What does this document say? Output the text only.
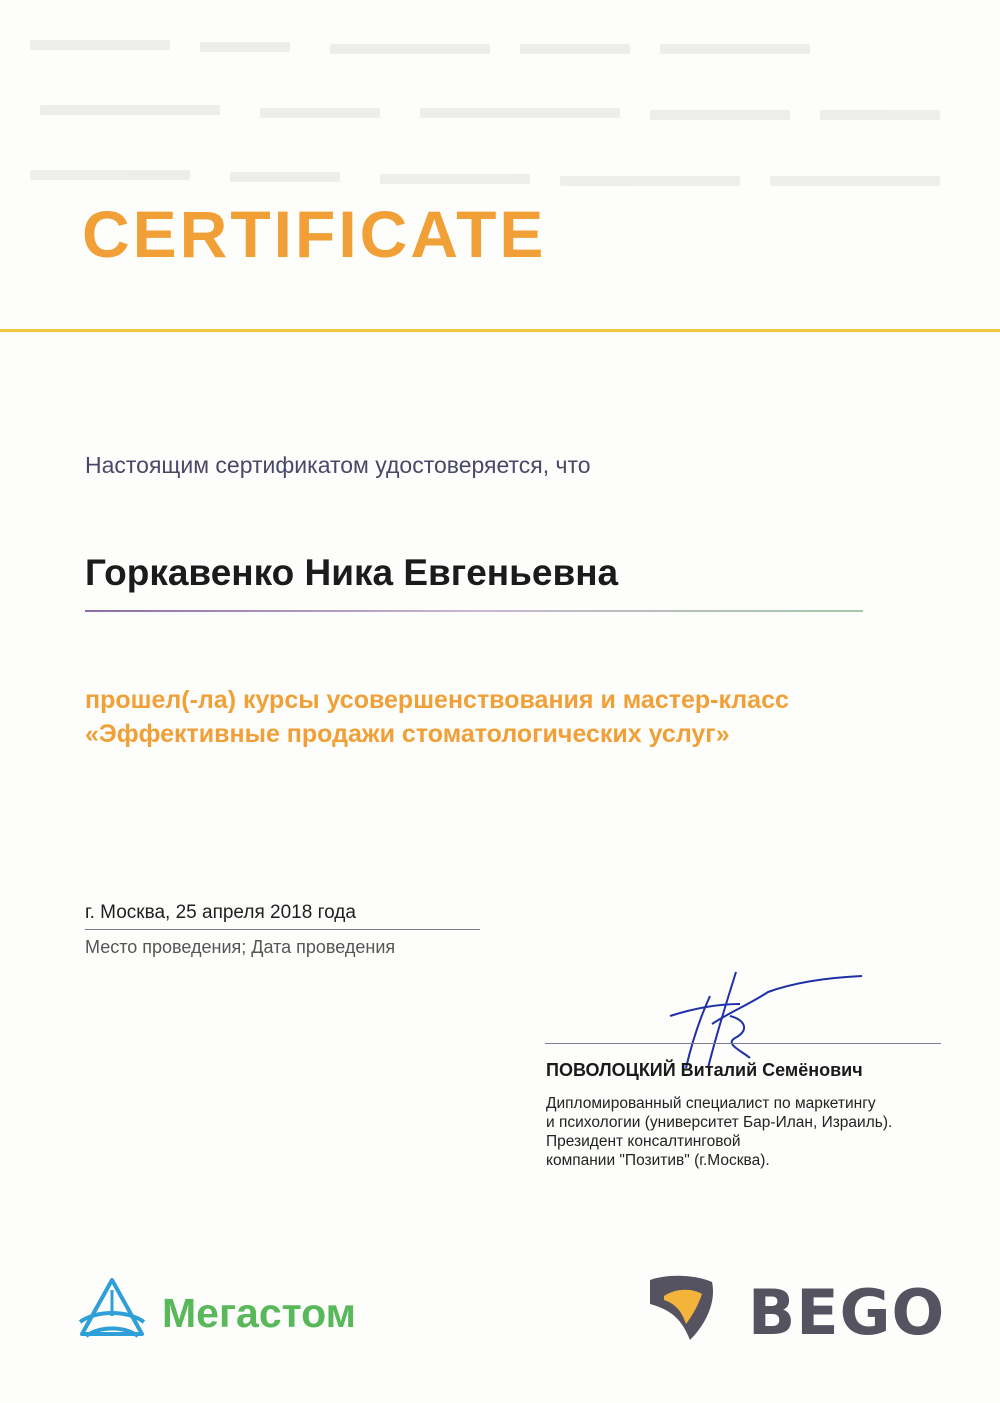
CERTIFICATE
Настоящим сертификатом удостоверяется, что
Горкавенко Ника Евгеньевна
прошел(-ла) курсы усовершенствования и мастер-класс
«Эффективные продажи стоматологических услуг»
г. Москва, 25 апреля 2018 года
Место проведения; Дата проведения
ПОВОЛОЦКИЙ Виталий Семёнович
Дипломированный специалист по маркетингу
и психологии (университет Бар-Илан, Израиль).
Президент консалтинговой
компании "Позитив" (г.Москва).
Мегастом	BEGO
